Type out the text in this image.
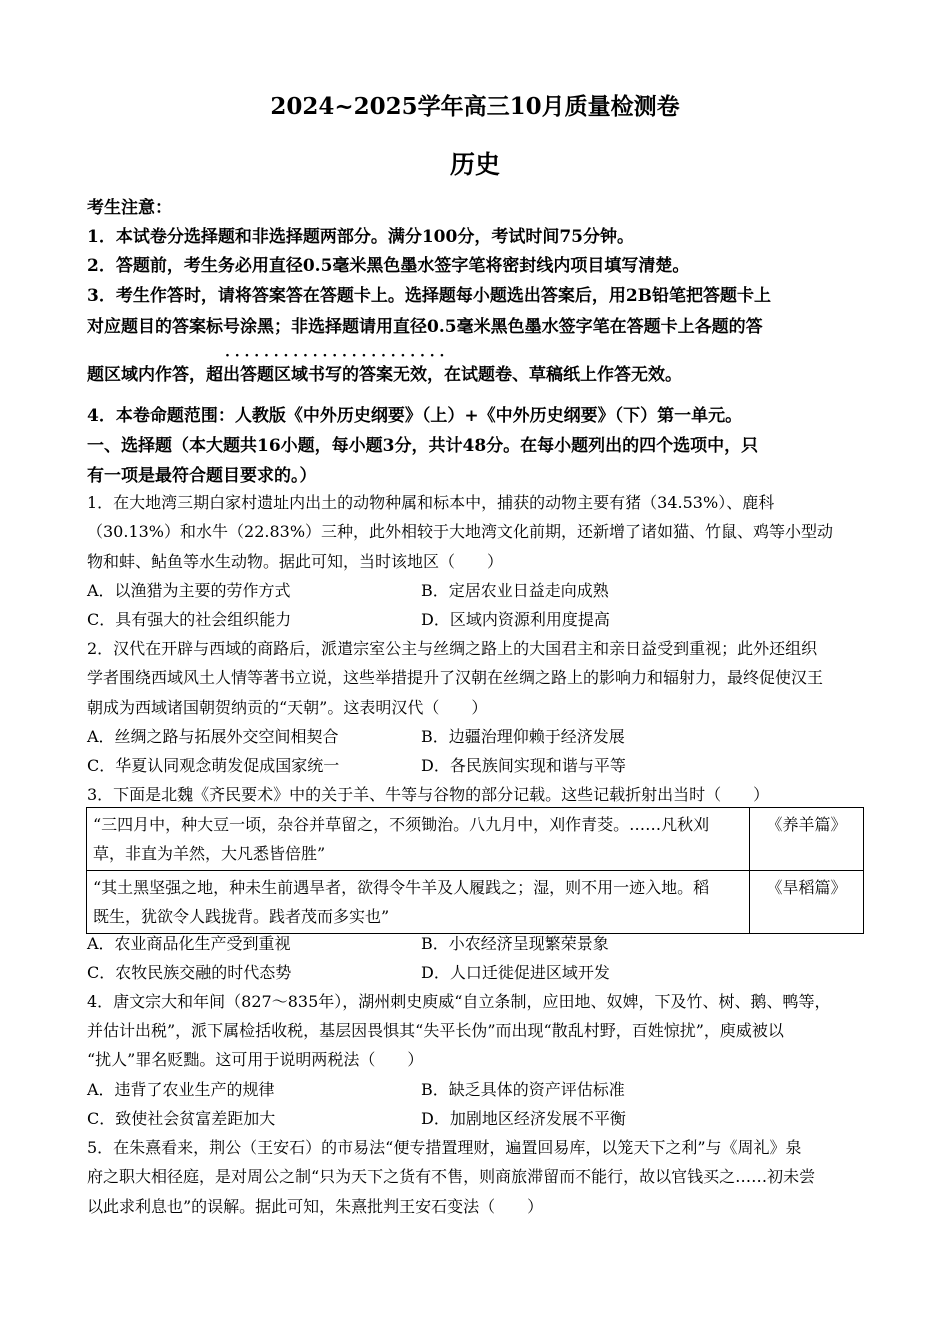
2024~2025学年高三10月质量检测卷
历史
考生注意：
1．本试卷分选择题和非选择题两部分。满分100分，考试时间75分钟。
2．答题前，考生务必用直径0.5毫米黑色墨水签字笔将密封线内项目填写清楚。
3．考生作答时，请将答案答在答题卡上。选择题每小题选出答案后，用2B铅笔把答题卡上
对应题目的答案标号涂黑；非选择题请用直径0.5毫米黑色墨水签字笔在答题卡上各题的答
· · · · · · · · · · · · · · · · · · · · · · ·
题区域内作答，超出答题区域书写的答案无效，在试题卷、草稿纸上作答无效。
4．本卷命题范围：人教版《中外历史纲要》（上）+《中外历史纲要》（下）第一单元。
一、选择题（本大题共16小题，每小题3分，共计48分。在每小题列出的四个选项中，只
有一项是最符合题目要求的。）
1．在大地湾三期白家村遗址内出土的动物种属和标本中，捕获的动物主要有猪（34.53%）、鹿科
（30.13%）和水牛（22.83%）三种，此外相较于大地湾文化前期，还新增了诸如猫、竹鼠、鸡等小型动
物和蚌、鲇鱼等水生动物。据此可知，当时该地区（　　）
A．以渔猎为主要的劳作方式	B．定居农业日益走向成熟
C．具有强大的社会组织能力	D．区域内资源利用度提高
2．汉代在开辟与西域的商路后，派遣宗室公主与丝绸之路上的大国君主和亲日益受到重视；此外还组织
学者围绕西域风土人情等著书立说，这些举措提升了汉朝在丝绸之路上的影响力和辐射力，最终促使汉王
朝成为西域诸国朝贺纳贡的“天朝”。这表明汉代（　　）
A．丝绸之路与拓展外交空间相契合	B．边疆治理仰赖于经济发展
C．华夏认同观念萌发促成国家统一	D．各民族间实现和谐与平等
3．下面是北魏《齐民要术》中的关于羊、牛等与谷物的部分记载。这些记载折射出当时（　　）
“三四月中，种大豆一顷，杂谷并草留之，不须锄治。八九月中，刈作青茭。……凡秋刈
草，非直为羊然，大凡悉皆倍胜”	《养羊篇》

“其土黑坚强之地，种未生前遇旱者，欲得令牛羊及人履践之；湿，则不用一迹入地。稻
既生，犹欲令人践拢背。践者茂而多实也”	《旱稻篇》
A．农业商品化生产受到重视	B．小农经济呈现繁荣景象
C．农牧民族交融的时代态势	D．人口迁徙促进区域开发
4．唐文宗大和年间（827～835年），湖州刺史庾威“自立条制，应田地、奴婢，下及竹、树、鹅、鸭等，
并估计出税”，派下属检括收税，基层因畏惧其“失平长伪”而出现“散乱村野，百姓惊扰”，庾威被以
“扰人”罪名贬黜。这可用于说明两税法（　　）
A．违背了农业生产的规律	B．缺乏具体的资产评估标准
C．致使社会贫富差距加大	D．加剧地区经济发展不平衡
5．在朱熹看来，荆公（王安石）的市易法“便专措置理财，遍置回易库，以笼天下之利”与《周礼》泉
府之职大相径庭，是对周公之制“只为天下之货有不售，则商旅滞留而不能行，故以官钱买之……初未尝
以此求利息也”的误解。据此可知，朱熹批判王安石变法（　　）
